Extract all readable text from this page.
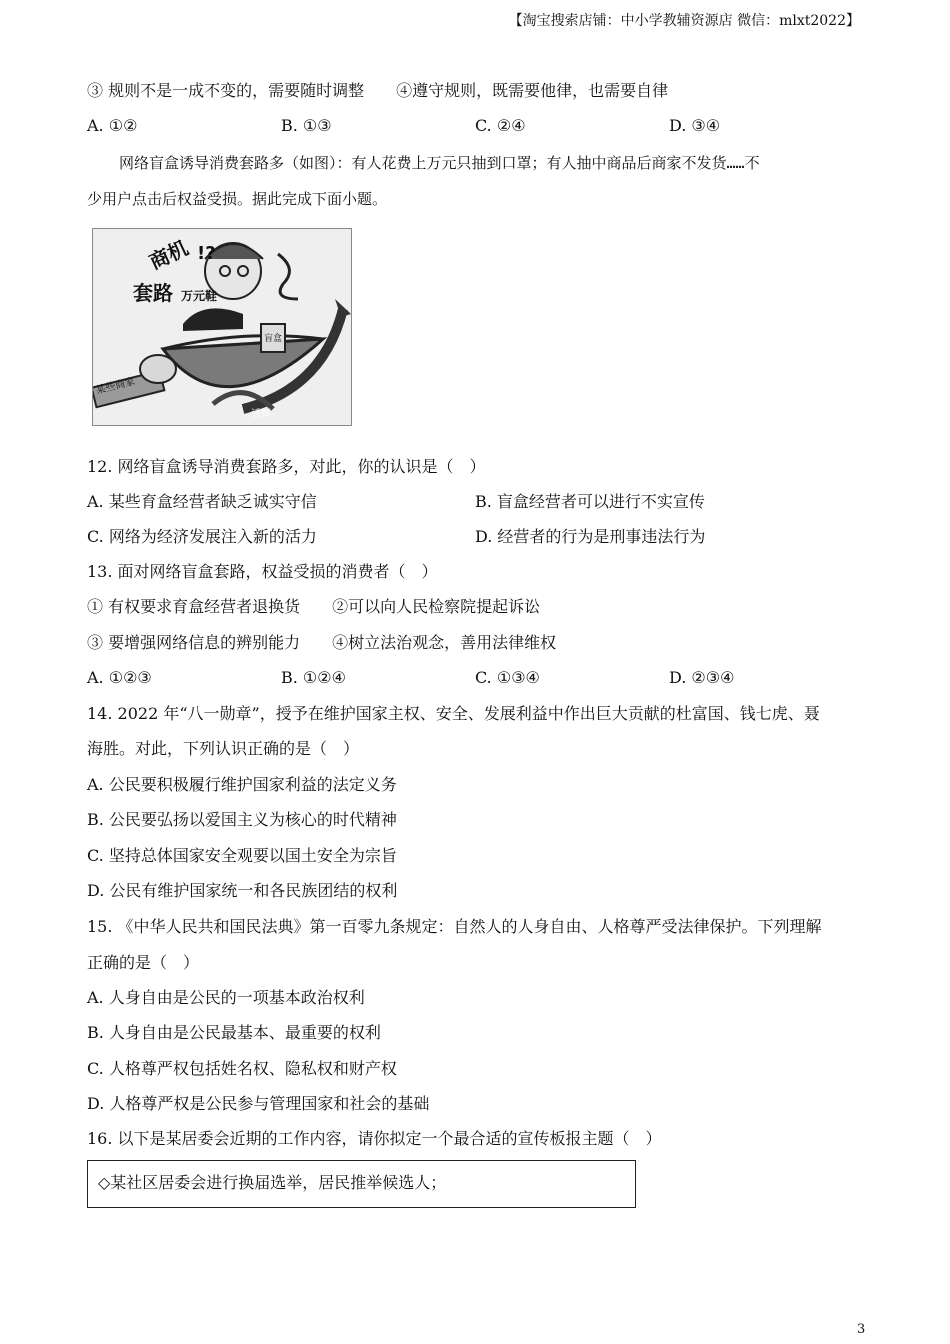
【淘宝搜索店铺：中小学教辅资源店 微信：mlxt2022】
③ 规则不是一成不变的，需要随时调整　　④遵守规则，既需要他律，也需要自律
A. ①②	B. ①③	C. ②④	D. ③④
网络盲盒诱导消费套路多（如图）：有人花费上万元只抽到口罩；有人抽中商品后商家不发货……不
少用户点击后权益受损。据此完成下面小题。
商机 !?
套路 万元鞋
盲盒
某些商家
诱饵
12. 网络盲盒诱导消费套路多，对此，你的认识是（　）
A. 某些育盒经营者缺乏诚实守信	B. 盲盒经营者可以进行不实宣传
C. 网络为经济发展注入新的活力	D. 经营者的行为是刑事违法行为
13. 面对网络盲盒套路，权益受损的消费者（　）
① 有权要求育盒经营者退换货　　②可以向人民检察院提起诉讼
③ 要增强网络信息的辨别能力　　④树立法治观念，善用法律维权
A. ①②③	B. ①②④	C. ①③④	D. ②③④
14. 2022 年“八一勋章”，授予在维护国家主权、安全、发展利益中作出巨大贡献的杜富国、钱七虎、聂
海胜。对此，下列认识正确的是（　）
A. 公民要积极履行维护国家利益的法定义务
B. 公民要弘扬以爱国主义为核心的时代精神
C. 坚持总体国家安全观要以国土安全为宗旨
D. 公民有维护国家统一和各民族团结的权利
15. 《中华人民共和国民法典》第一百零九条规定：自然人的人身自由、人格尊严受法律保护。下列理解
正确的是（　）
A. 人身自由是公民的一项基本政治权利
B. 人身自由是公民最基本、最重要的权利
C. 人格尊严权包括姓名权、隐私权和财产权
D. 人格尊严权是公民参与管理国家和社会的基础
16. 以下是某居委会近期的工作内容，请你拟定一个最合适的宣传板报主题（　）
◇某社区居委会进行换届选举，居民推举候选人；
3
